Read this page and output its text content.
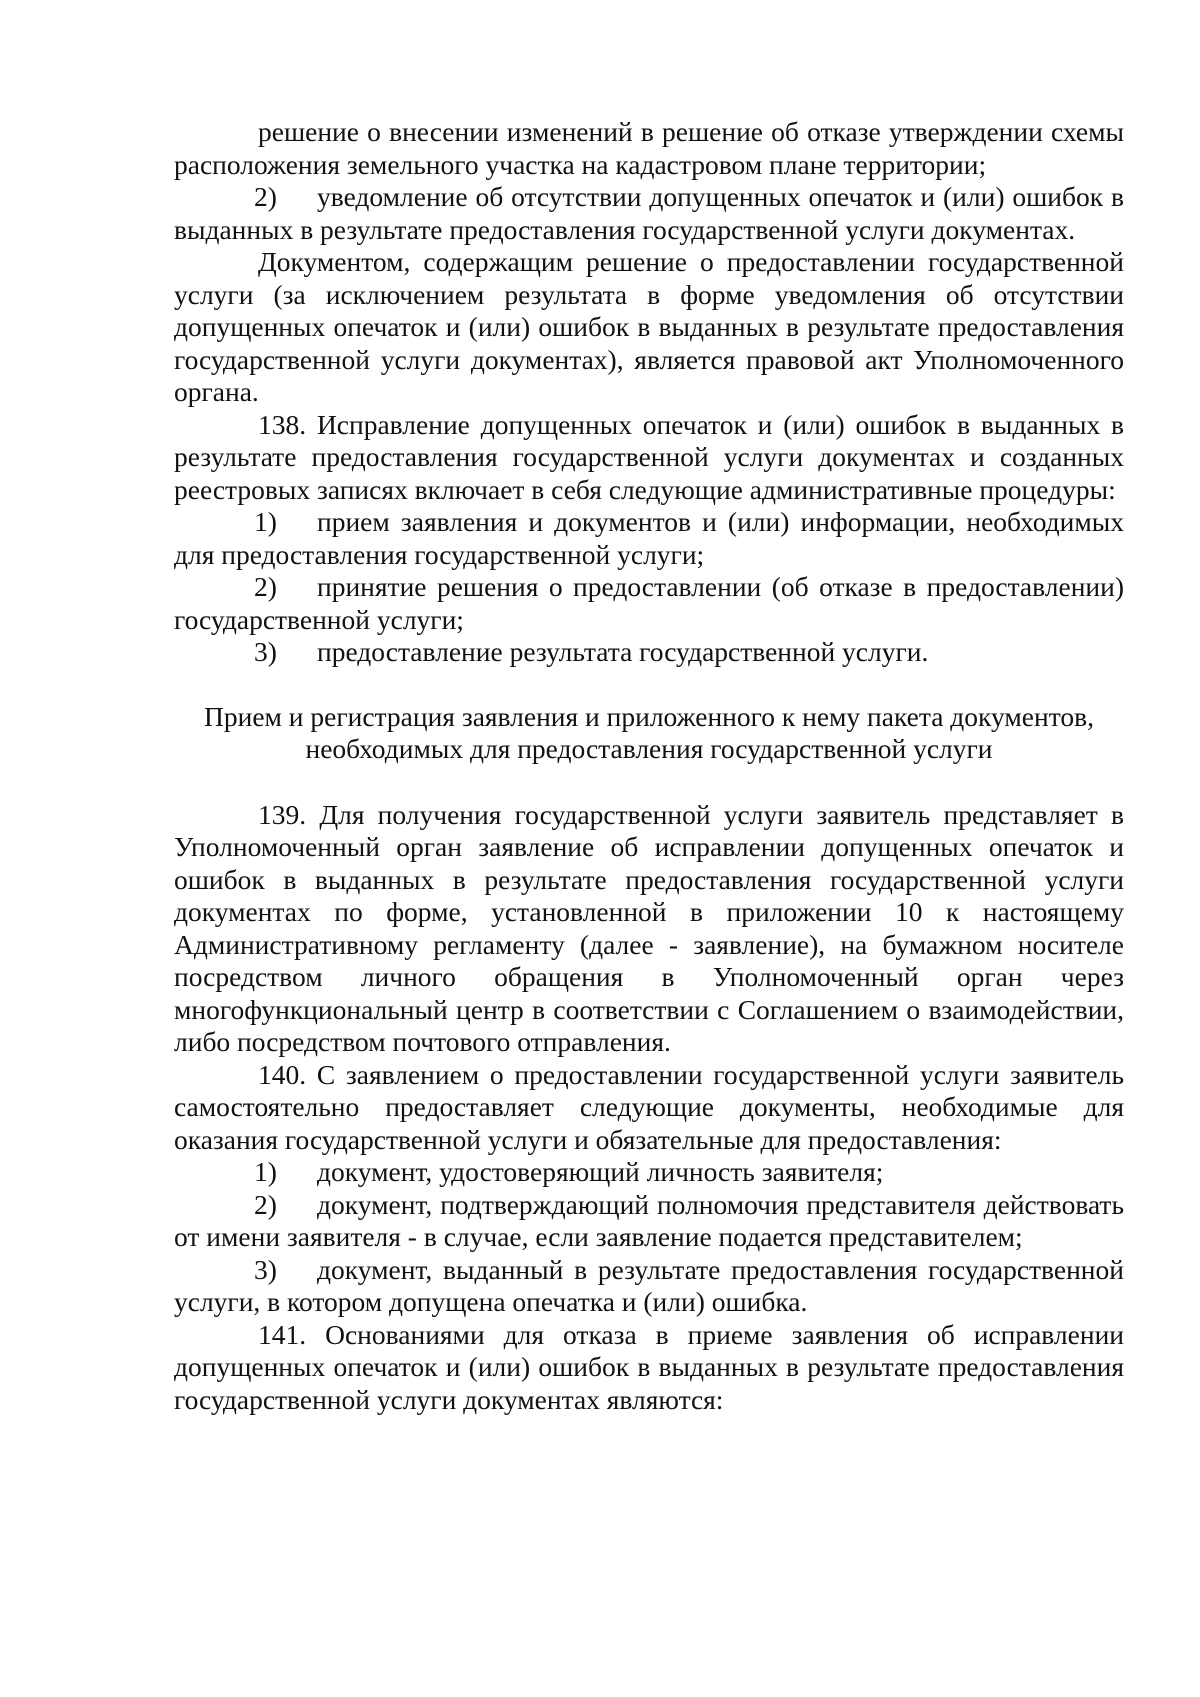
решение о внесении изменений в решение об отказе утверждении схемы расположения земельного участка на кадастровом плане территории;

2) уведомление об отсутствии допущенных опечаток и (или) ошибок в выданных в результате предоставления государственной услуги документах.

Документом, содержащим решение о предоставлении государственной услуги (за исключением результата в форме уведомления об отсутствии допущенных опечаток и (или) ошибок в выданных в результате предоставления государственной услуги документах), является правовой акт Уполномоченного органа.

138. Исправление допущенных опечаток и (или) ошибок в выданных в результате предоставления государственной услуги документах и созданных реестровых записях включает в себя следующие административные процедуры:

1) прием заявления и документов и (или) информации, необходимых для предоставления государственной услуги;

2) принятие решения о предоставлении (об отказе в предоставлении) государственной услуги;

3) предоставление результата государственной услуги.

Прием и регистрация заявления и приложенного к нему пакета документов,

необходимых для предоставления государственной услуги

139. Для получения государственной услуги заявитель представляет в Уполномоченный орган заявление об исправлении допущенных опечаток и ошибок в выданных в результате предоставления государственной услуги документах по форме, установленной в приложении 10 к настоящему Административному регламенту (далее - заявление), на бумажном носителе посредством личного обращения в Уполномоченный орган через многофункциональный центр в соответствии с Соглашением о взаимодействии, либо посредством почтового отправления.

140. С заявлением о предоставлении государственной услуги заявитель самостоятельно предоставляет следующие документы, необходимые для оказания государственной услуги и обязательные для предоставления:

1) документ, удостоверяющий личность заявителя;

2) документ, подтверждающий полномочия представителя действовать от имени заявителя - в случае, если заявление подается представителем;

3) документ, выданный в результате предоставления государственной услуги, в котором допущена опечатка и (или) ошибка.

141. Основаниями для отказа в приеме заявления об исправлении допущенных опечаток и (или) ошибок в выданных в результате предоставления государственной услуги документах являются:
